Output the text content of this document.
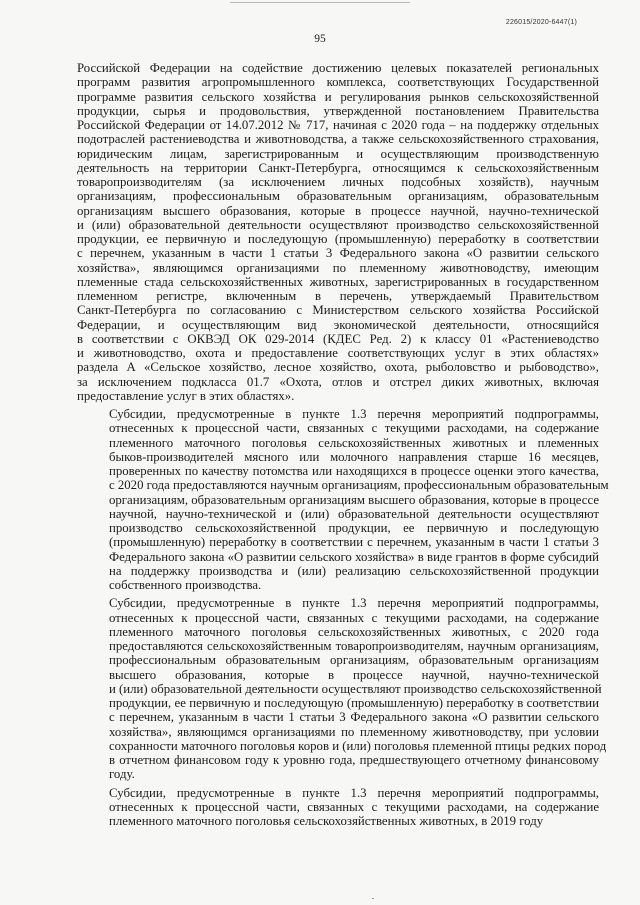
226015/2020-6447(1)
95
Российской Федерации на содействие достижению целевых показателей региональных
программ развития агропромышленного комплекса, соответствующих Государственной
программе развития сельского хозяйства и регулирования рынков сельскохозяйственной
продукции, сырья и продовольствия, утвержденной постановлением Правительства
Российской Федерации от 14.07.2012 № 717, начиная с 2020 года – на поддержку отдельных
подотраслей растениеводства и животноводства, а также сельскохозяйственного страхования,
юридическим лицам, зарегистрированным и осуществляющим производственную
деятельность на территории Санкт-Петербурга, относящимся к сельскохозяйственным
товаропроизводителям (за исключением личных подсобных хозяйств), научным
организациям, профессиональным образовательным организациям, образовательным
организациям высшего образования, которые в процессе научной, научно-технической
и (или) образовательной деятельности осуществляют производство сельскохозяйственной
продукции, ее первичную и последующую (промышленную) переработку в соответствии
с перечнем, указанным в части 1 статьи 3 Федерального закона «О развитии сельского
хозяйства», являющимся организациями по племенному животноводству, имеющим
племенные стада сельскохозяйственных животных, зарегистрированных в государственном
племенном регистре, включенным в перечень, утверждаемый Правительством
Санкт-Петербурга по согласованию с Министерством сельского хозяйства Российской
Федерации, и осуществляющим вид экономической деятельности, относящийся
в соответствии с ОКВЭД ОК 029-2014 (КДЕС Ред. 2) к классу 01 «Растениеводство
и животноводство, охота и предоставление соответствующих услуг в этих областях»
раздела А «Сельское хозяйство, лесное хозяйство, охота, рыболовство и рыбоводство»,
за исключением подкласса 01.7 «Охота, отлов и отстрел диких животных, включая
предоставление услуг в этих областях».
Субсидии, предусмотренные в пункте 1.3 перечня мероприятий подпрограммы,
отнесенных к процессной части, связанных с текущими расходами, на содержание
племенного маточного поголовья сельскохозяйственных животных и племенных
быков-производителей мясного или молочного направления старше 16 месяцев,
проверенных по качеству потомства или находящихся в процессе оценки этого качества,
с 2020 года предоставляются научным организациям, профессиональным образовательным
организациям, образовательным организациям высшего образования, которые в процессе
научной, научно-технической и (или) образовательной деятельности осуществляют
производство сельскохозяйственной продукции, ее первичную и последующую
(промышленную) переработку в соответствии с перечнем, указанным в части 1 статьи 3
Федерального закона «О развитии сельского хозяйства» в виде грантов в форме субсидий
на поддержку производства и (или) реализацию сельскохозяйственной продукции
собственного производства.
Субсидии, предусмотренные в пункте 1.3 перечня мероприятий подпрограммы,
отнесенных к процессной части, связанных с текущими расходами, на содержание
племенного маточного поголовья сельскохозяйственных животных, с 2020 года
предоставляются сельскохозяйственным товаропроизводителям, научным организациям,
профессиональным образовательным организациям, образовательным организациям
высшего образования, которые в процессе научной, научно-технической
и (или) образовательной деятельности осуществляют производство сельскохозяйственной
продукции, ее первичную и последующую (промышленную) переработку в соответствии
с перечнем, указанным в части 1 статьи 3 Федерального закона «О развитии сельского
хозяйства», являющимся организациями по племенному животноводству, при условии
сохранности маточного поголовья коров и (или) поголовья племенной птицы редких пород
в отчетном финансовом году к уровню года, предшествующего отчетному финансовому
году.
Субсидии, предусмотренные в пункте 1.3 перечня мероприятий подпрограммы,
отнесенных к процессной части, связанных с текущими расходами, на содержание
племенного маточного поголовья сельскохозяйственных животных, в 2019 году
